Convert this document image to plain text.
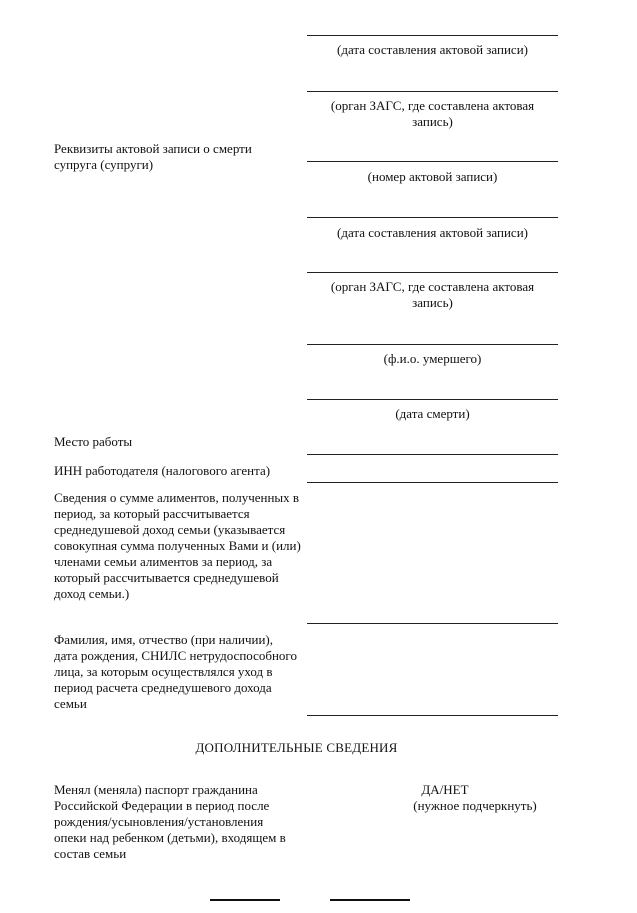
(дата составления актовой записи)
(орган ЗАГС, где составлена актовая запись)
(номер актовой записи)
(дата составления актовой записи)
(орган ЗАГС, где составлена актовая запись)
(ф.и.о. умершего)
(дата смерти)
Реквизиты актовой записи о смерти супруга (супруги)
Место работы
ИНН работодателя (налогового агента)
Сведения о сумме алиментов, полученных в период, за который рассчитывается среднедушевой доход семьи (указывается совокупная сумма полученных Вами и (или) членами семьи алиментов за период, за который рассчитывается среднедушевой доход семьи.)
Фамилия, имя, отчество (при наличии), дата рождения, СНИЛС нетрудоспособного лица, за которым осуществлялся уход в период расчета среднедушевого дохода семьи
ДОПОЛНИТЕЛЬНЫЕ СВЕДЕНИЯ
Менял (меняла) паспорт гражданина Российской Федерации в период после рождения/усыновления/установления опеки над ребенком (детьми), входящем в состав семьи
ДА/НЕТ
(нужное подчеркнуть)
